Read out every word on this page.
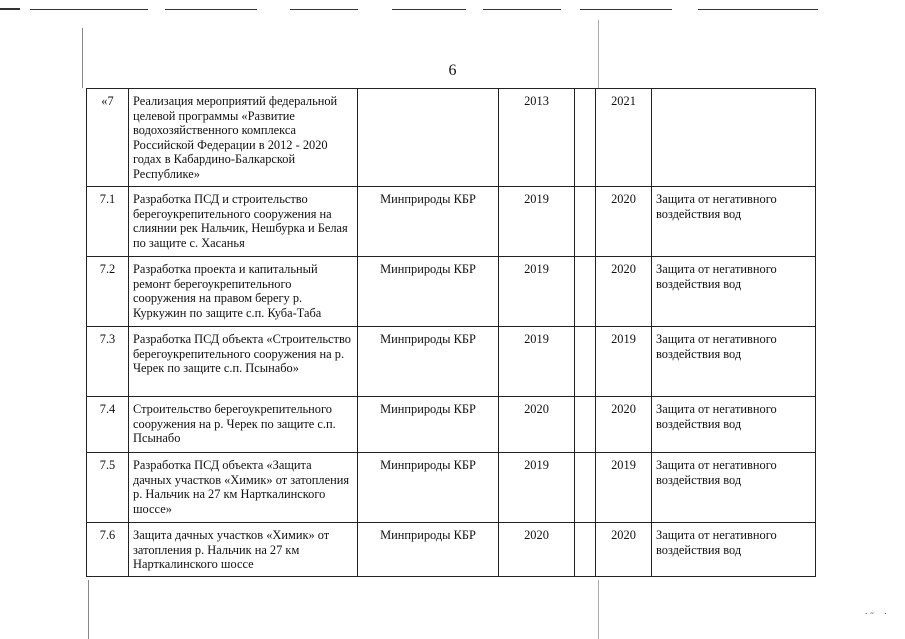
6
«7	Реализация мероприятий федеральной целевой программы «Развитие водохозяйственного комплекса Российской Федерации в 2012 - 2020 годах в Кабардино-Балкарской Республике»		2013		2021	
7.1	Разработка ПСД и строительство берегоукрепительного сооружения на слиянии рек Нальчик, Нешбурка и Белая по защите с. Хасанья	Минприроды КБР	2019		2020	Защита от негативного воздействия вод
7.2	Разработка проекта и капитальный ремонт берегоукрепительного сооружения на правом берегу р. Куркужин по защите с.п. Куба-Таба	Минприроды КБР	2019		2020	Защита от негативного воздействия вод
7.3	Разработка ПСД объекта «Строительство берегоукрепительного сооружения на р. Черек по защите с.п. Псынабо»	Минприроды КБР	2019		2019	Защита от негативного воздействия вод
7.4	Строительство берегоукрепительного сооружения на р. Черек по защите с.п. Псынабо	Минприроды КБР	2020		2020	Защита от негативного воздействия вод
7.5	Разработка ПСД объекта «Защита дачных участков «Химик» от затопления р. Нальчик на 27 км Нарткалинского шоссе»	Минприроды КБР	2019		2019	Защита от негативного воздействия вод
7.6	Защита дачных участков «Химик» от затопления р. Нальчик на 27 км Нарткалинского шоссе	Минприроды КБР	2020		2020	Защита от негативного воздействия вод
˙ ˝    ˙
